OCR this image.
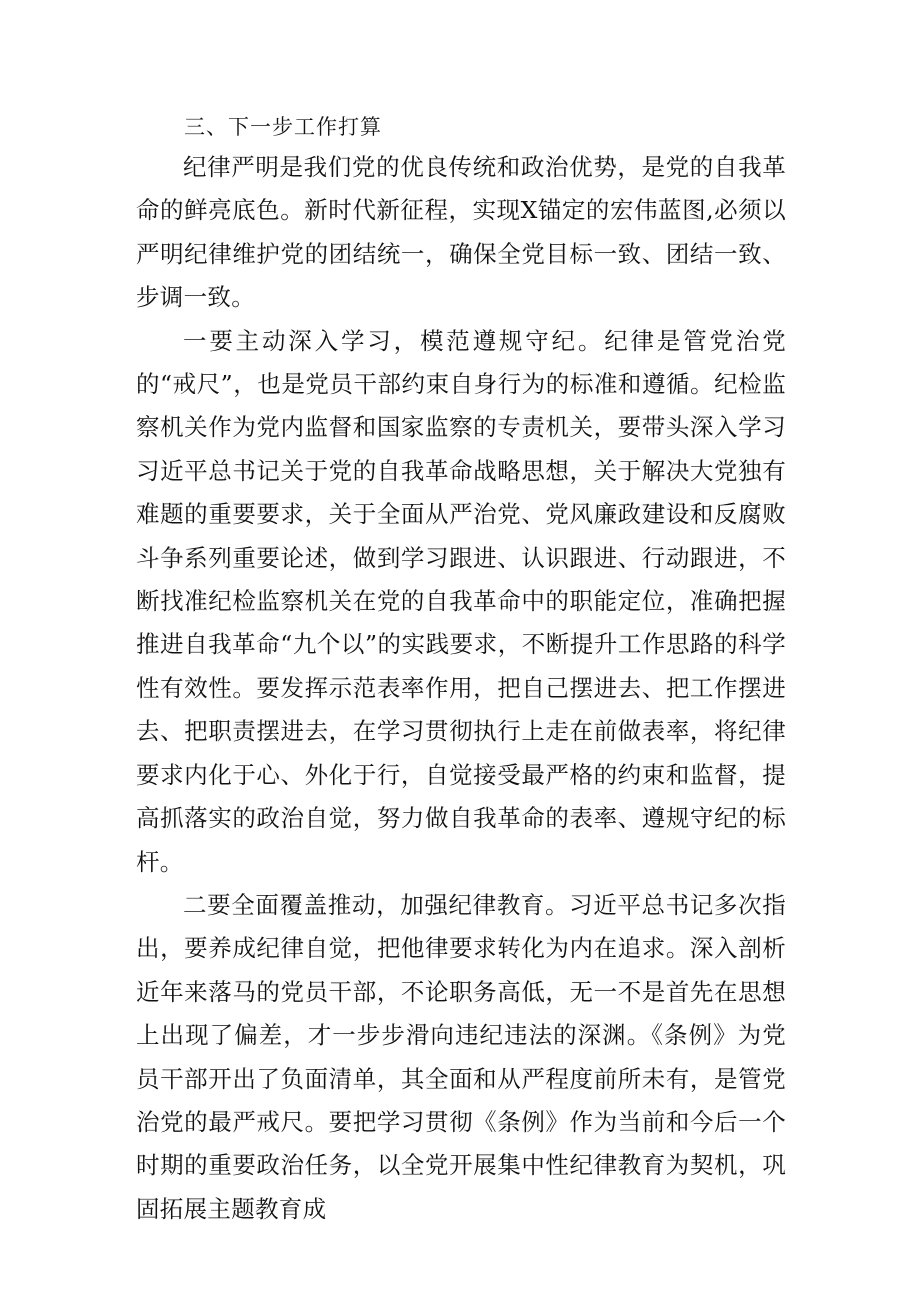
三、下一步工作打算

纪律严明是我们党的优良传统和政治优势，是党的自我革命的鲜亮底色。新时代新征程，实现X锚定的宏伟蓝图,必须以严明纪律维护党的团结统一，确保全党目标一致、团结一致、步调一致。

一要主动深入学习，模范遵规守纪。纪律是管党治党的“戒尺”，也是党员干部约束自身行为的标准和遵循。纪检监察机关作为党内监督和国家监察的专责机关，要带头深入学习习近平总书记关于党的自我革命战略思想，关于解决大党独有难题的重要要求，关于全面从严治党、党风廉政建设和反腐败斗争系列重要论述，做到学习跟进、认识跟进、行动跟进，不断找准纪检监察机关在党的自我革命中的职能定位，准确把握推进自我革命“九个以”的实践要求，不断提升工作思路的科学性有效性。要发挥示范表率作用，把自己摆进去、把工作摆进去、把职责摆进去，在学习贯彻执行上走在前做表率，将纪律要求内化于心、外化于行，自觉接受最严格的约束和监督，提高抓落实的政治自觉，努力做自我革命的表率、遵规守纪的标杆。

二要全面覆盖推动，加强纪律教育。习近平总书记多次指出，要养成纪律自觉，把他律要求转化为内在追求。深入剖析近年来落马的党员干部，不论职务高低，无一不是首先在思想上出现了偏差，才一步步滑向违纪违法的深渊。《条例》为党员干部开出了负面清单，其全面和从严程度前所未有，是管党治党的最严戒尺。要把学习贯彻《条例》作为当前和今后一个时期的重要政治任务，以全党开展集中性纪律教育为契机，巩固拓展主题教育成
